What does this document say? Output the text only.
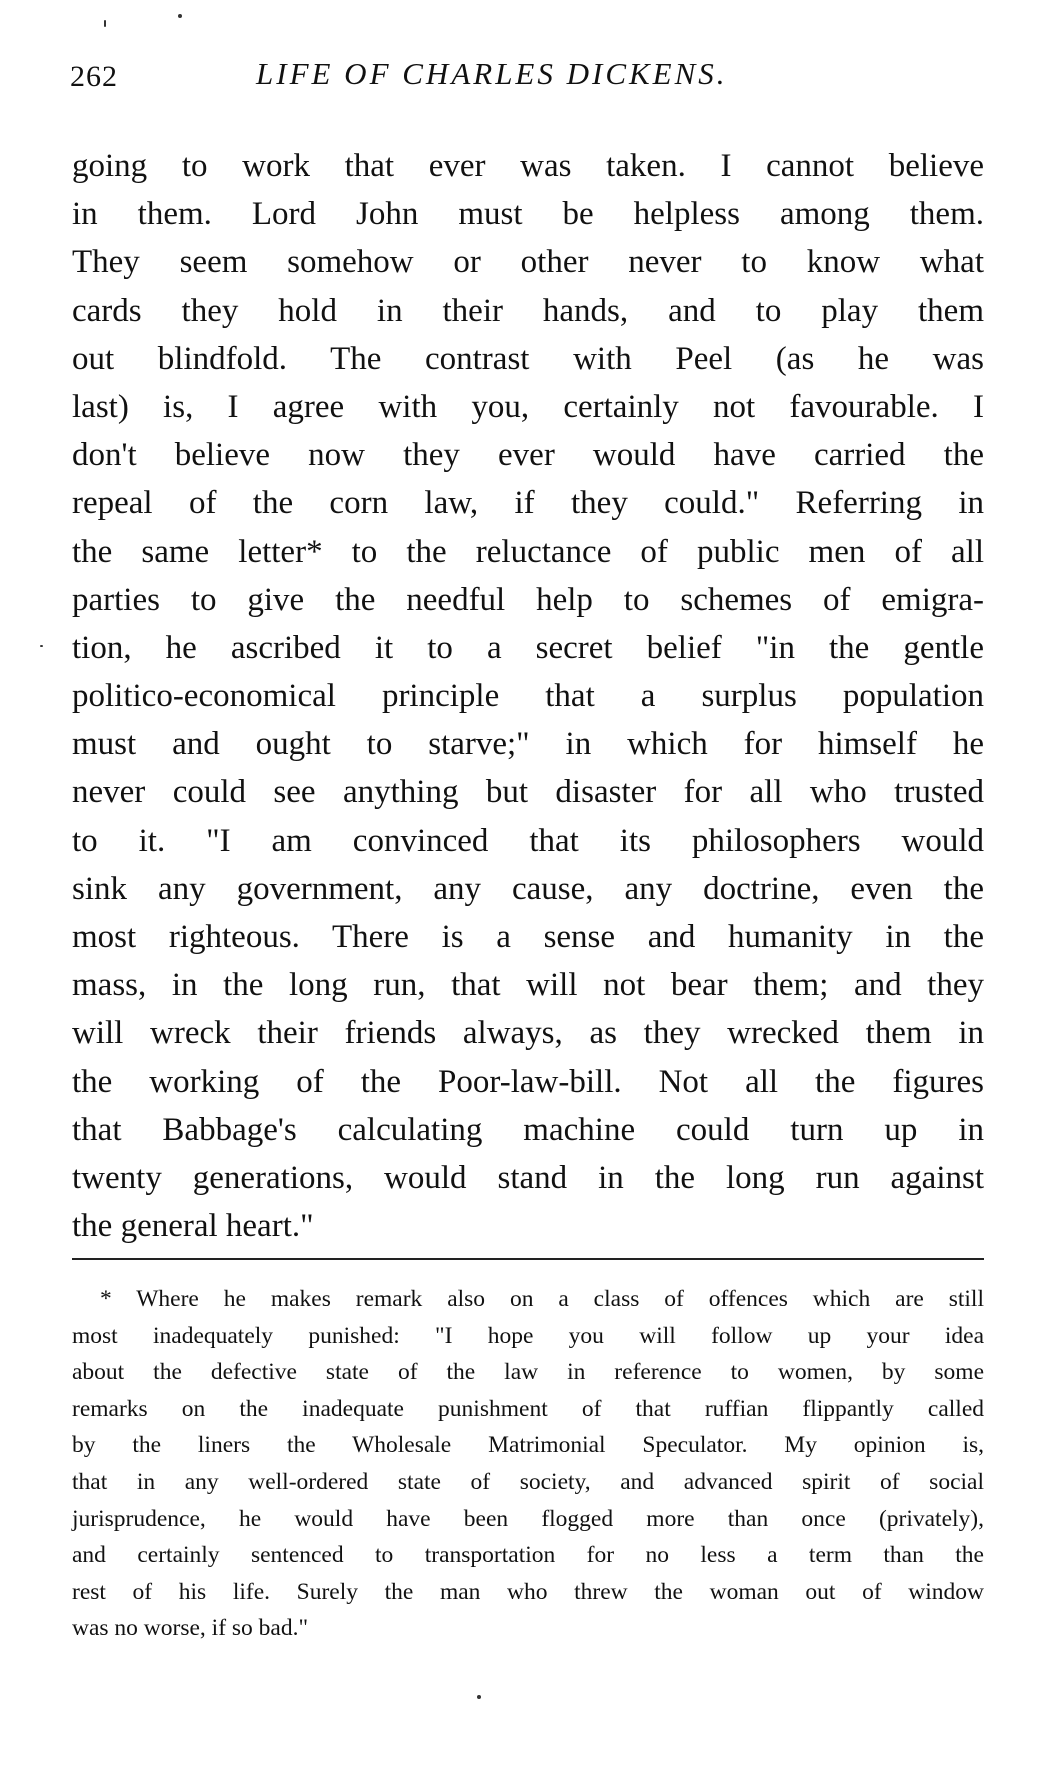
262	LIFE OF CHARLES DICKENS.
going to work that ever was taken. I cannot believe
in them. Lord John must be helpless among them.
They seem somehow or other never to know what
cards they hold in their hands, and to play them
out blindfold. The contrast with Peel (as he was
last) is, I agree with you, certainly not favourable. I
don't believe now they ever would have carried the
repeal of the corn law, if they could." Referring in
the same letter* to the reluctance of public men of all
parties to give the needful help to schemes of emigra-
tion, he ascribed it to a secret belief "in the gentle
politico-economical principle that a surplus population
must and ought to starve;" in which for himself he
never could see anything but disaster for all who trusted
to it. "I am convinced that its philosophers would
sink any government, any cause, any doctrine, even the
most righteous. There is a sense and humanity in the
mass, in the long run, that will not bear them; and they
will wreck their friends always, as they wrecked them in
the working of the Poor-law-bill. Not all the figures
that Babbage's calculating machine could turn up in
twenty generations, would stand in the long run against
the general heart."
* Where he makes remark also on a class of offences which are still
most inadequately punished: "I hope you will follow up your idea
about the defective state of the law in reference to women, by some
remarks on the inadequate punishment of that ruffian flippantly called
by the liners the Wholesale Matrimonial Speculator. My opinion is,
that in any well-ordered state of society, and advanced spirit of social
jurisprudence, he would have been flogged more than once (privately),
and certainly sentenced to transportation for no less a term than the
rest of his life. Surely the man who threw the woman out of window
was no worse, if so bad."
